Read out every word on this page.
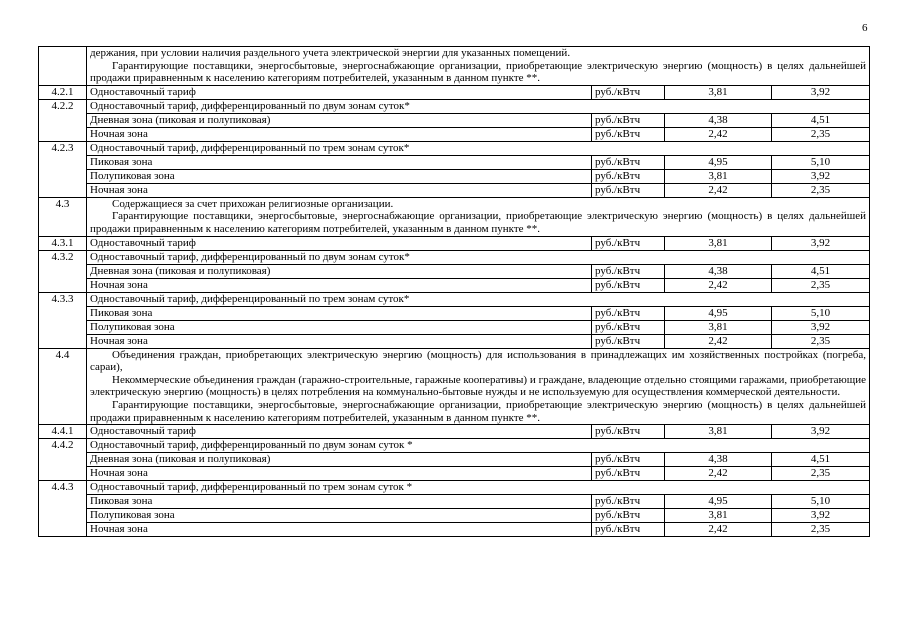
6

	держания, при условии наличия раздельного учета электрической энергии для указанных помещений.
Гарантирующие поставщики, энергосбытовые, энергоснабжающие организации, приобретающие электрическую энергию (мощность) в целях дальнейшей продажи приравненным к населению категориям потребителей, указанным в данном пункте **.			

4.2.1	Одноставочный тариф	руб./кВтч	3,81	3,92
4.2.2	Одноставочный тариф, дифференцированный по двум зонам суток*			
	Дневная зона (пиковая и полупиковая)	руб./кВтч	4,38	4,51
	Ночная зона	руб./кВтч	2,42	2,35
4.2.3	Одноставочный тариф, дифференцированный по трем зонам суток*			
	Пиковая зона	руб./кВтч	4,95	5,10
	Полупиковая зона	руб./кВтч	3,81	3,92
	Ночная зона	руб./кВтч	2,42	2,35
4.3	Содержащиеся за счет прихожан религиозные организации.
Гарантирующие поставщики, энергосбытовые, энергоснабжающие организации, приобретающие электрическую энергию (мощность) в целях дальнейшей продажи приравненным к населению категориям потребителей, указанным в данном пункте **.			

4.3.1	Одноставочный тариф	руб./кВтч	3,81	3,92
4.3.2	Одноставочный тариф, дифференцированный по двум зонам суток*			
	Дневная зона (пиковая и полупиковая)	руб./кВтч	4,38	4,51
	Ночная зона	руб./кВтч	2,42	2,35
4.3.3	Одноставочный тариф, дифференцированный по трем зонам суток*			
	Пиковая зона	руб./кВтч	4,95	5,10
	Полупиковая зона	руб./кВтч	3,81	3,92
	Ночная зона	руб./кВтч	2,42	2,35
4.4	Объединения граждан, приобретающих электрическую энергию (мощность) для использования в принадлежащих им хозяйственных постройках (погреба, сараи),
Некоммерческие объединения граждан (гаражно-строительные, гаражные кооперативы) и граждане, владеющие отдельно стоящими гаражами, приобретающие электрическую энергию (мощность) в целях потребления на коммунально-бытовые нужды и не используемую для осуществления коммерческой деятельности.
Гарантирующие поставщики, энергосбытовые, энергоснабжающие организации, приобретающие электрическую энергию (мощность) в целях дальнейшей продажи приравненным к населению категориям потребителей, указанным в данном пункте **.			

4.4.1	Одноставочный тариф	руб./кВтч	3,81	3,92
4.4.2	Одноставочный тариф, дифференцированный по двум зонам суток *			
	Дневная зона (пиковая и полупиковая)	руб./кВтч	4,38	4,51
	Ночная зона	руб./кВтч	2,42	2,35
4.4.3	Одноставочный тариф, дифференцированный по трем зонам суток *			
	Пиковая зона	руб./кВтч	4,95	5,10
	Полупиковая зона	руб./кВтч	3,81	3,92
	Ночная зона	руб./кВтч	2,42	2,35
